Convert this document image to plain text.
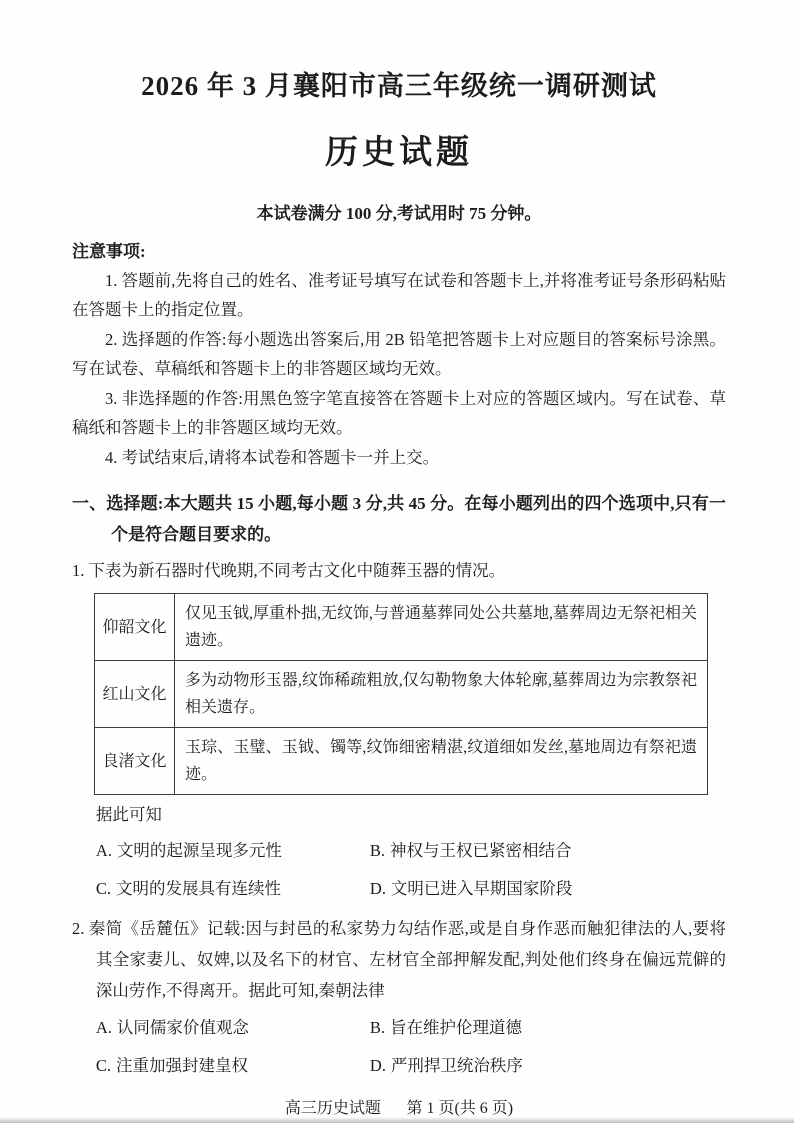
2026 年 3 月襄阳市高三年级统一调研测试
历史试题
本试卷满分 100 分,考试用时 75 分钟。
注意事项:
1. 答题前,先将自己的姓名、准考证号填写在试卷和答题卡上,并将准考证号条形码粘贴在答题卡上的指定位置。
2. 选择题的作答:每小题选出答案后,用 2B 铅笔把答题卡上对应题目的答案标号涂黑。写在试卷、草稿纸和答题卡上的非答题区域均无效。
3. 非选择题的作答:用黑色签字笔直接答在答题卡上对应的答题区域内。写在试卷、草稿纸和答题卡上的非答题区域均无效。
4. 考试结束后,请将本试卷和答题卡一并上交。
一、选择题:本大题共 15 小题,每小题 3 分,共 45 分。在每小题列出的四个选项中,只有一个是符合题目要求的。
1. 下表为新石器时代晚期,不同考古文化中随葬玉器的情况。
仰韶文化	仅见玉钺,厚重朴拙,无纹饰,与普通墓葬同处公共墓地,墓葬周边无祭祀相关遗迹。
红山文化	多为动物形玉器,纹饰稀疏粗放,仅勾勒物象大体轮廓,墓葬周边为宗教祭祀相关遗存。
良渚文化	玉琮、玉璧、玉钺、镯等,纹饰细密精湛,纹道细如发丝,墓地周边有祭祀遗迹。
据此可知
A. 文明的起源呈现多元性	B. 神权与王权已紧密相结合
C. 文明的发展具有连续性	D. 文明已进入早期国家阶段
2. 秦简《岳麓伍》记载:因与封邑的私家势力勾结作恶,或是自身作恶而触犯律法的人,要将其全家妻儿、奴婢,以及名下的材官、左材官全部押解发配,判处他们终身在偏远荒僻的深山劳作,不得离开。据此可知,秦朝法律
A. 认同儒家价值观念	B. 旨在维护伦理道德
C. 注重加强封建皇权	D. 严刑捍卫统治秩序
高三历史试题 第 1 页(共 6 页)
